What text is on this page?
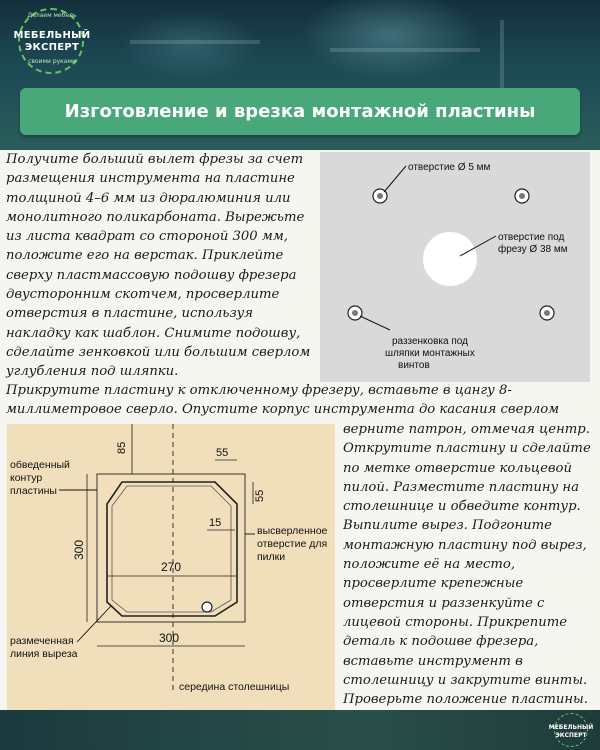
Делаем мебель
МЕБЕЛЬНЫЙ
ЭКСПЕРТ
своими руками
Изготовление и врезка монтажной пластины
Получите больший вылет фрезы за счет размещения инструмента на пластине толщиной 4–6 мм из дюралюминия или монолитного поликарбоната. Вырежьте из листа квадрат со стороной 300 мм, положите его на верстак. Приклейте сверху пластмассовую подошву фрезера двусторонним скотчем, просверлите отверстия в пластине, используя накладку как шаблон. Снимите подошву, сделайте зенковкой или большим сверлом углубления под шляпки.
Прикрутите пластину к отключенному фрезеру, вставьте в цангу 8-миллиметровое сверло. Опустите корпус инструмента до касания сверлом
верните патрон, отмечая центр. Открутите пластину и сделайте по метке отверстие кольцевой пилой. Разместите пластину на столешнице и обведите контур. Выпилите вырез. Подгоните монтажную пластину под вырез, положите её на место, просверлите крепежные отверстия и раззенкуйте с лицевой стороны. Прикрепите деталь к подошве фрезера, вставьте инструмент в столешницу и закрутите винты. Проверьте положение пластины.
отверстие Ø 5 мм
отверстие под
фрезу Ø 38 мм
раззенковка под
шляпки монтажных
винтов
85	55
55
15
270
300
300
обведенный
контур
пластины
высверленное
отверстие для
пилки
размеченная
линия выреза
середина столешницы
МЕБЕЛЬНЫЙ
ЭКСПЕРТ
